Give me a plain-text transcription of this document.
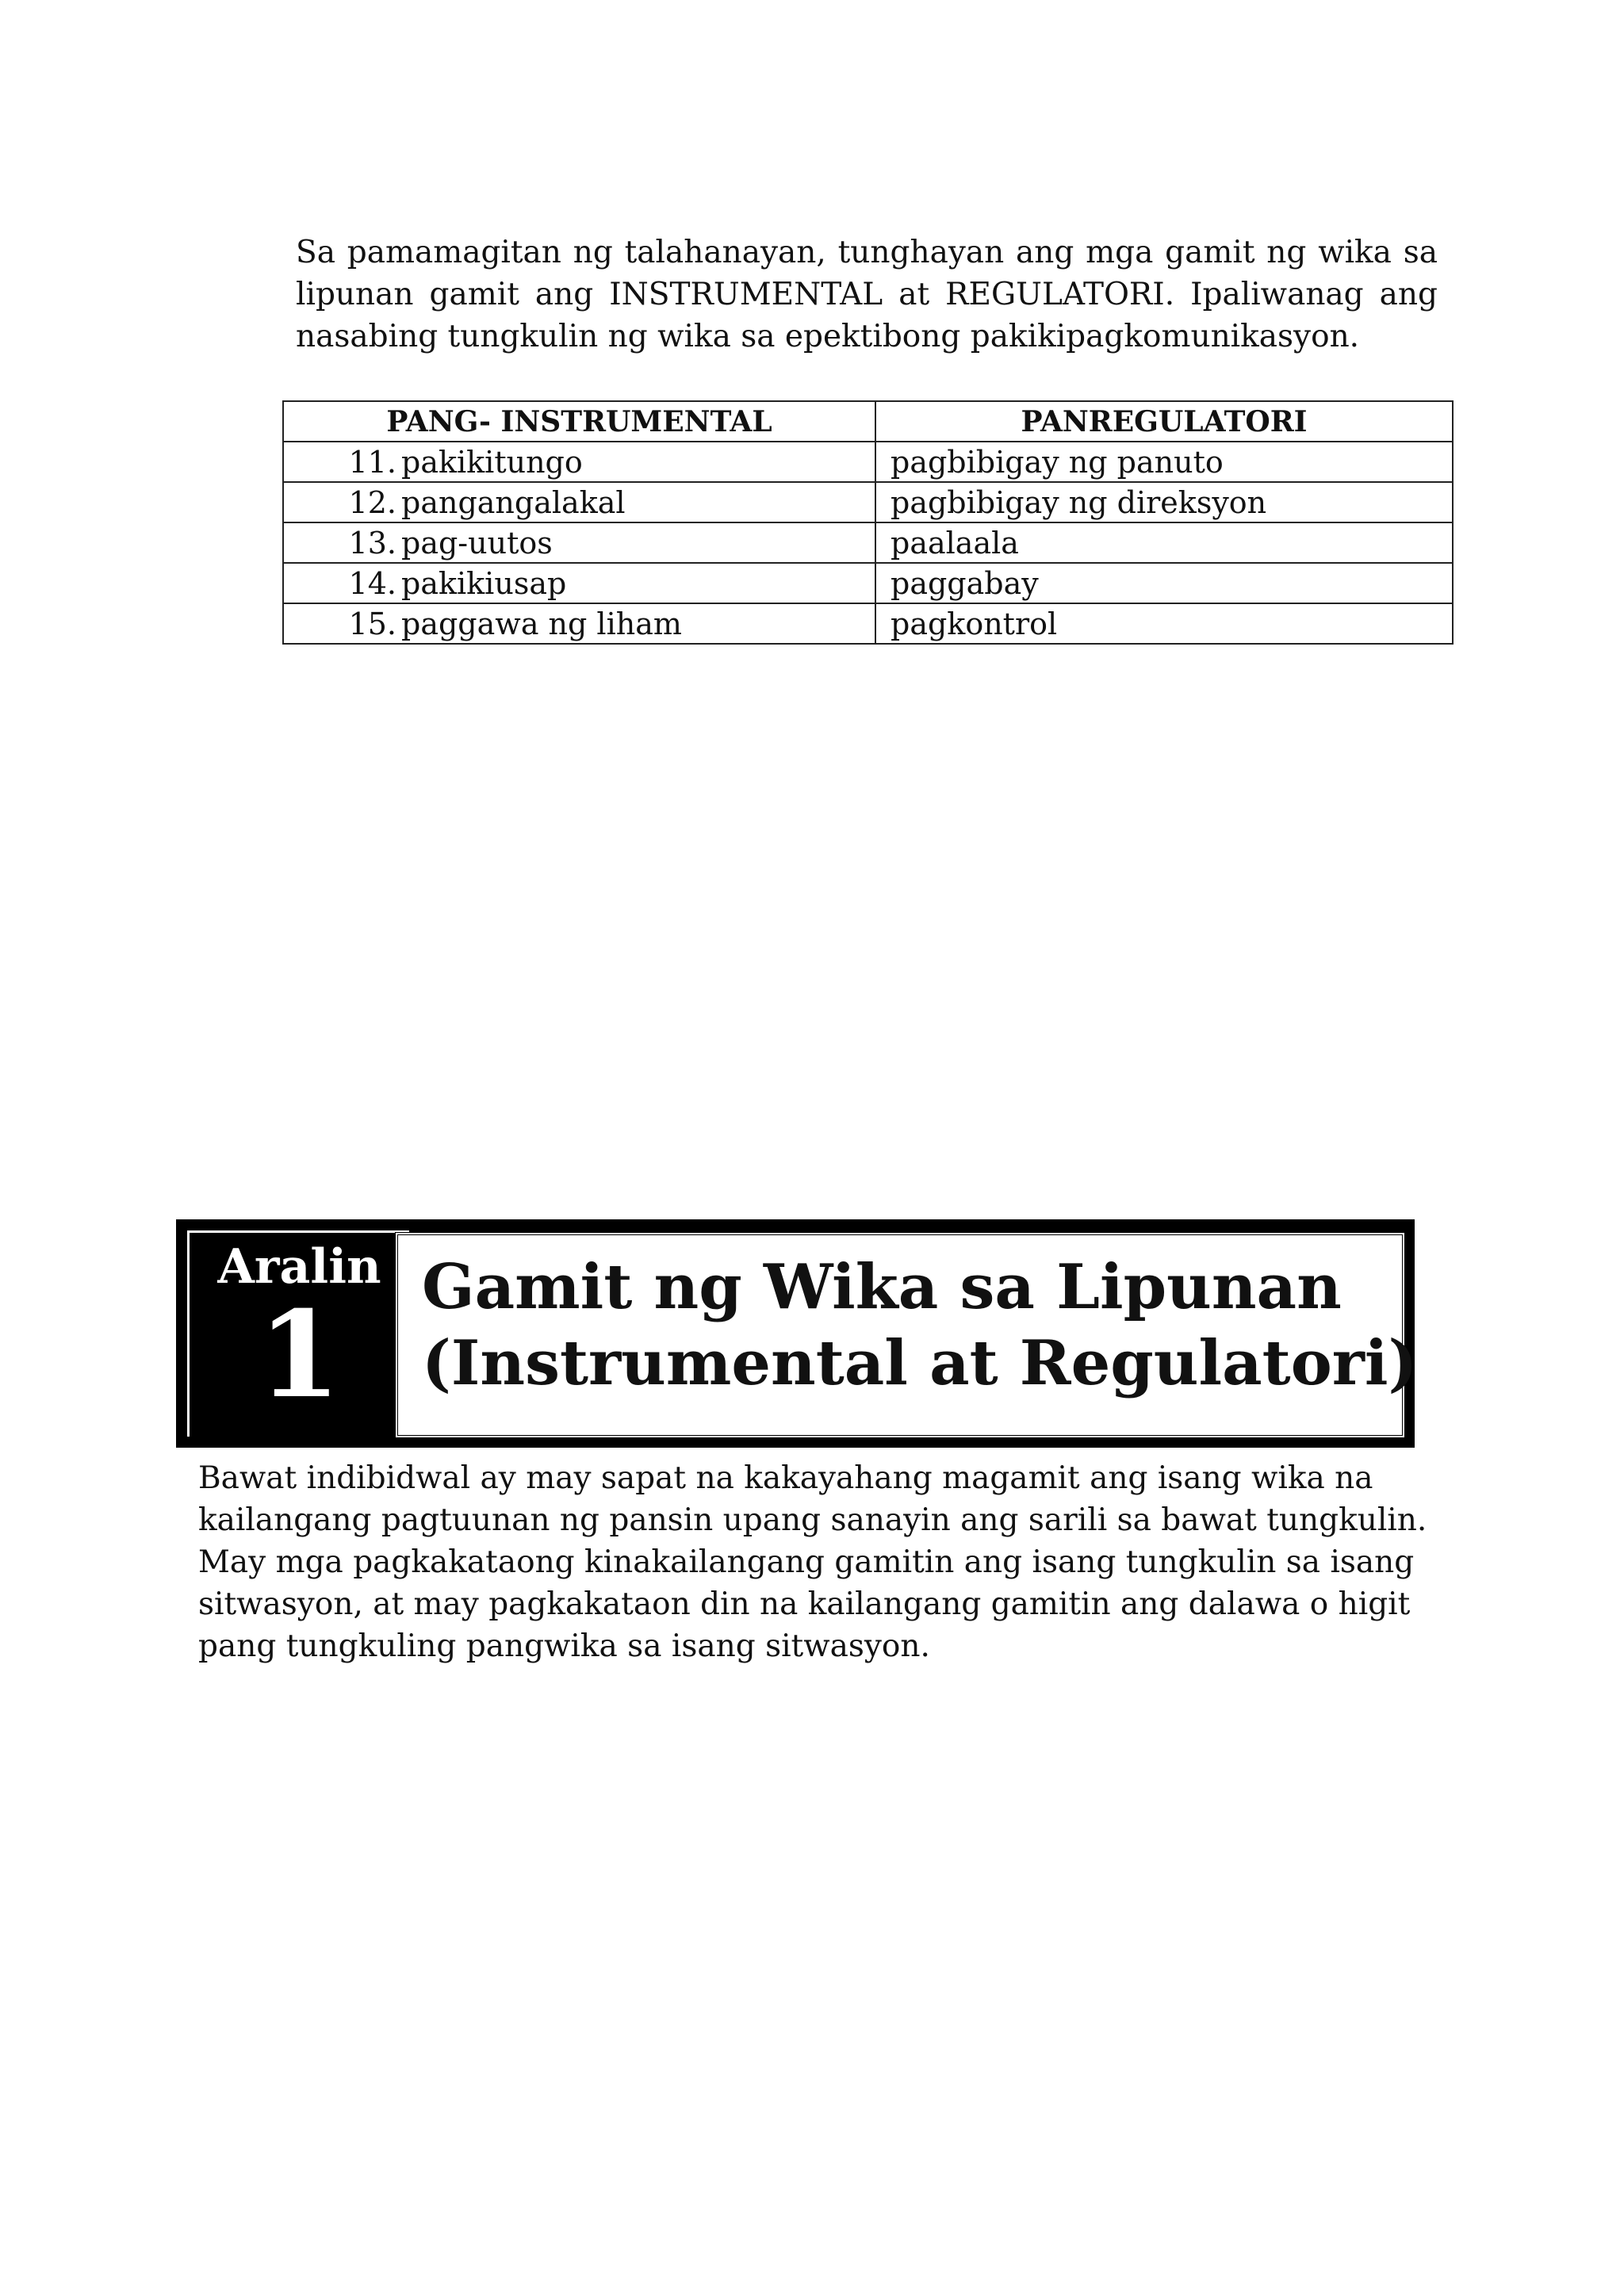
Sa pamamagitan ng talahanayan, tunghayan ang mga gamit ng wika sa lipunan gamit ang INSTRUMENTAL at REGULATORI. Ipaliwanag ang nasabing tungkulin ng wika sa epektibong pakikipagkomunikasyon.

PANG- INSTRUMENTAL	PANREGULATORI
11. pakikitungo	pagbibigay ng panuto
12. pangangalakal	pagbibigay ng direksyon
13. pag-uutos	paalaala
14. pakikiusap	paggabay
15. paggawa ng liham	pagkontrol
Aralin
1	Gamit ng Wika sa Lipunan
(Instrumental at Regulatori)

Bawat indibidwal ay may sapat na kakayahang magamit ang isang wika na kailangang pagtuunan ng pansin upang sanayin ang sarili sa bawat tungkulin. May mga pagkakataong kinakailangang gamitin ang isang tungkulin sa isang sitwasyon, at may pagkakataon din na kailangang gamitin ang dalawa o higit pang tungkuling pangwika sa isang sitwasyon.
